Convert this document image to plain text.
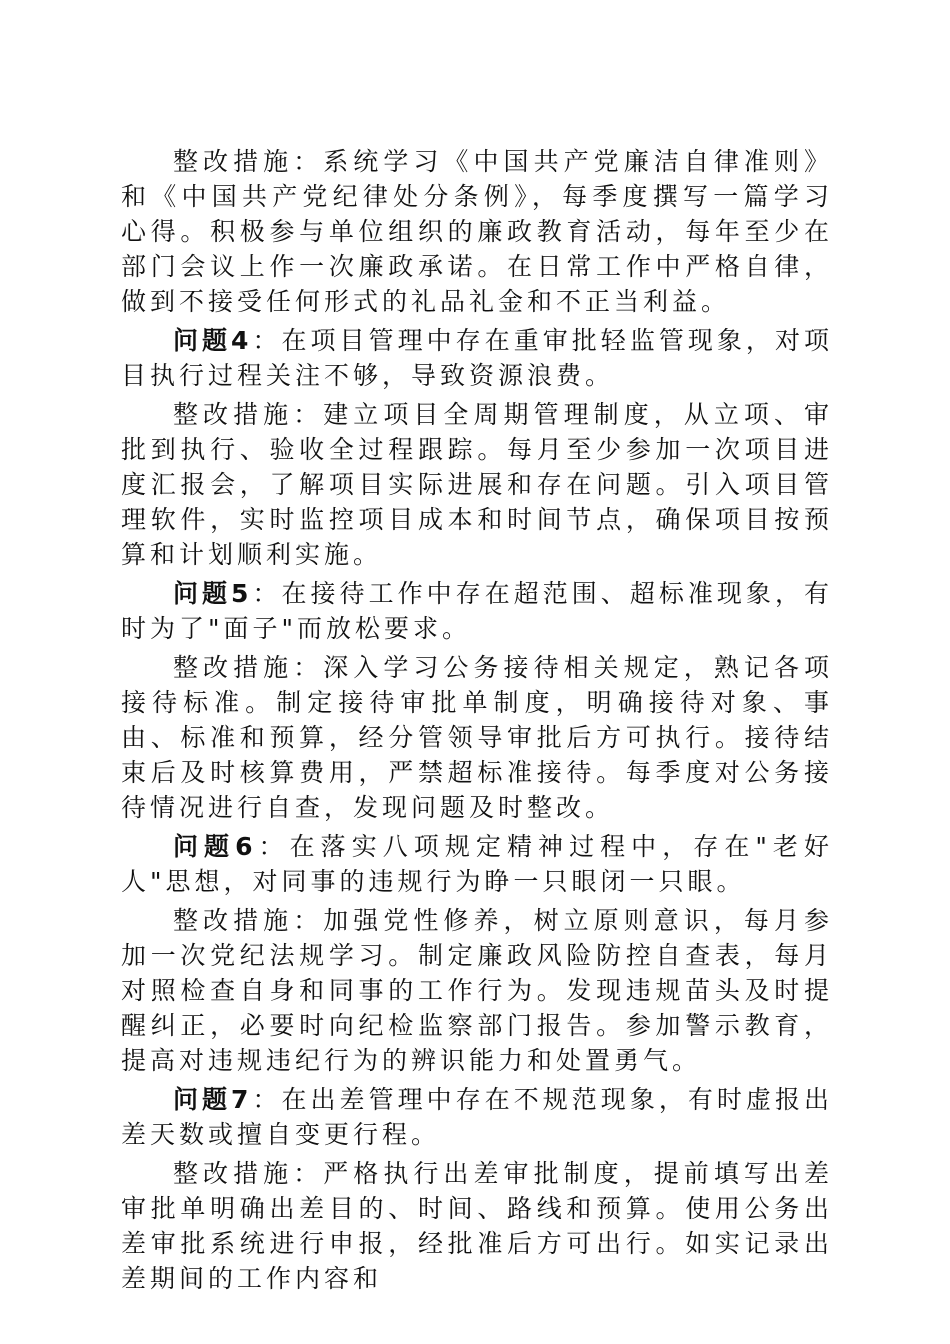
整改措施：系统学习《中国共产党廉洁自律准则》和《中国共产党纪律处分条例》，每季度撰写一篇学习心得。积极参与单位组织的廉政教育活动，每年至少在部门会议上作一次廉政承诺。在日常工作中严格自律，做到不接受任何形式的礼品礼金和不正当利益。

问题4：在项目管理中存在重审批轻监管现象，对项目执行过程关注不够，导致资源浪费。

整改措施：建立项目全周期管理制度，从立项、审批到执行、验收全过程跟踪。每月至少参加一次项目进度汇报会，了解项目实际进展和存在问题。引入项目管理软件，实时监控项目成本和时间节点，确保项目按预算和计划顺利实施。

问题5：在接待工作中存在超范围、超标准现象，有时为了"面子"而放松要求。

整改措施：深入学习公务接待相关规定，熟记各项接待标准。制定接待审批单制度，明确接待对象、事由、标准和预算，经分管领导审批后方可执行。接待结束后及时核算费用，严禁超标准接待。每季度对公务接待情况进行自查，发现问题及时整改。

问题6：在落实八项规定精神过程中，存在"老好人"思想，对同事的违规行为睁一只眼闭一只眼。

整改措施：加强党性修养，树立原则意识，每月参加一次党纪法规学习。制定廉政风险防控自查表，每月对照检查自身和同事的工作行为。发现违规苗头及时提醒纠正，必要时向纪检监察部门报告。参加警示教育，提高对违规违纪行为的辨识能力和处置勇气。

问题7：在出差管理中存在不规范现象，有时虚报出差天数或擅自变更行程。

整改措施：严格执行出差审批制度，提前填写出差审批单明确出差目的、时间、路线和预算。使用公务出差审批系统进行申报，经批准后方可出行。如实记录出差期间的工作内容和
